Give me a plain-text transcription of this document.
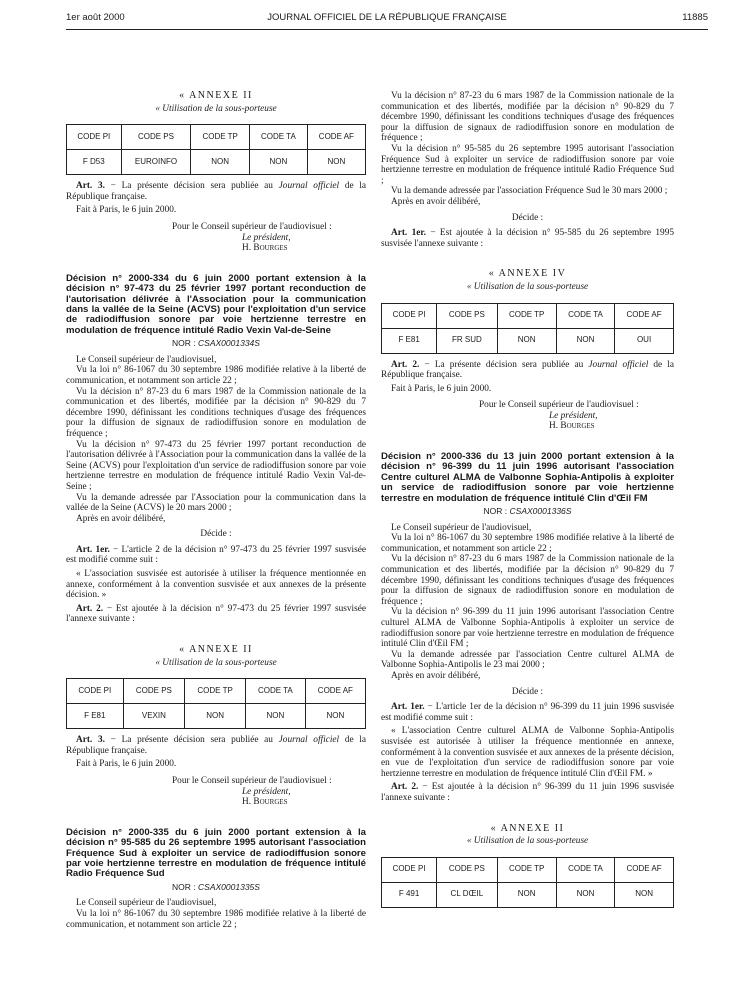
1er août 2000	JOURNAL OFFICIEL DE LA RÉPUBLIQUE FRANÇAISE	11885

« ANNEXE II

« Utilisation de la sous-porteuse

CODE PI	CODE PS	CODE TP	CODE TA	CODE AF
F D53	EUROINFO	NON	NON	NON

Art. 3. − La présente décision sera publiée au Journal officiel de la République française.

Fait à Paris, le 6 juin 2000.

Pour le Conseil supérieur de l'audiovisuel :
Le président,
H. Bourges

Décision n° 2000-334 du 6 juin 2000 portant extension à la décision n° 97-473 du 25 février 1997 portant reconduction de l'autorisation délivrée à l'Association pour la communication dans la vallée de la Seine (ACVS) pour l'exploitation d'un service de radiodiffusion sonore par voie hertzienne terrestre en modulation de fréquence intitulé Radio Vexin Val-de-Seine

NOR : CSAX0001334S

Le Conseil supérieur de l'audiovisuel,

Vu la loi n° 86-1067 du 30 septembre 1986 modifiée relative à la liberté de communication, et notamment son article 22 ;

Vu la décision n° 87-23 du 6 mars 1987 de la Commission nationale de la communication et des libertés, modifiée par la décision n° 90-829 du 7 décembre 1990, définissant les conditions techniques d'usage des fréquences pour la diffusion de signaux de radiodiffusion sonore en modulation de fréquence ;

Vu la décision n° 97-473 du 25 février 1997 portant reconduction de l'autorisation délivrée à l'Association pour la communication dans la vallée de la Seine (ACVS) pour l'exploitation d'un service de radiodiffusion sonore par voie hertzienne terrestre en modulation de fréquence intitulé Radio Vexin Val-de-Seine ;

Vu la demande adressée par l'Association pour la communication dans la vallée de la Seine (ACVS) le 20 mars 2000 ;

Après en avoir délibéré,

Décide :

Art. 1er. − L'article 2 de la décision n° 97-473 du 25 février 1997 susvisée est modifié comme suit :

« L'association susvisée est autorisée à utiliser la fréquence mentionnée en annexe, conformément à la convention susvisée et aux annexes de la présente décision. »

Art. 2. − Est ajoutée à la décision n° 97-473 du 25 février 1997 susvisée l'annexe suivante :

« ANNEXE II

« Utilisation de la sous-porteuse

CODE PI	CODE PS	CODE TP	CODE TA	CODE AF
F E81	VEXIN	NON	NON	NON

Art. 3. − La présente décision sera publiée au Journal officiel de la République française.

Fait à Paris, le 6 juin 2000.

Pour le Conseil supérieur de l'audiovisuel :
Le président,
H. Bourges

Décision n° 2000-335 du 6 juin 2000 portant extension à la décision n° 95-585 du 26 septembre 1995 autorisant l'association Fréquence Sud à exploiter un service de radiodiffusion sonore par voie hertzienne terrestre en modulation de fréquence intitulé Radio Fréquence Sud

NOR : CSAX0001335S

Le Conseil supérieur de l'audiovisuel,

Vu la loi n° 86-1067 du 30 septembre 1986 modifiée relative à la liberté de communication, et notamment son article 22 ;

Vu la décision n° 87-23 du 6 mars 1987 de la Commission nationale de la communication et des libertés, modifiée par la décision n° 90-829 du 7 décembre 1990, définissant les conditions techniques d'usage des fréquences pour la diffusion de signaux de radiodiffusion sonore en modulation de fréquence ;

Vu la décision n° 95-585 du 26 septembre 1995 autorisant l'association Fréquence Sud à exploiter un service de radiodiffusion sonore par voie hertzienne terrestre en modulation de fréquence intitulé Radio Fréquence Sud ;

Vu la demande adressée par l'association Fréquence Sud le 30 mars 2000 ;

Après en avoir délibéré,

Décide :

Art. 1er. − Est ajoutée à la décision n° 95-585 du 26 septembre 1995 susvisée l'annexe suivante :

« ANNEXE IV

« Utilisation de la sous-porteuse

CODE PI	CODE PS	CODE TP	CODE TA	CODE AF
F E81	FR SUD	NON	NON	OUI

Art. 2. − La présente décision sera publiée au Journal officiel de la République française.

Fait à Paris, le 6 juin 2000.

Pour le Conseil supérieur de l'audiovisuel :
Le président,
H. Bourges

Décision n° 2000-336 du 13 juin 2000 portant extension à la décision n° 96-399 du 11 juin 1996 autorisant l'association Centre culturel ALMA de Valbonne Sophia-Antipolis à exploiter un service de radiodiffusion sonore par voie hertzienne terrestre en modulation de fréquence intitulé Clin d'Œil FM

NOR : CSAX0001336S

Le Conseil supérieur de l'audiovisuel,

Vu la loi n° 86-1067 du 30 septembre 1986 modifiée relative à la liberté de communication, et notamment son article 22 ;

Vu la décision n° 87-23 du 6 mars 1987 de la Commission nationale de la communication et des libertés, modifiée par la décision n° 90-829 du 7 décembre 1990, définissant les conditions techniques d'usage des fréquences pour la diffusion de signaux de radiodiffusion sonore en modulation de fréquence ;

Vu la décision n° 96-399 du 11 juin 1996 autorisant l'association Centre culturel ALMA de Valbonne Sophia-Antipolis à exploiter un service de radiodiffusion sonore par voie hertzienne terrestre en modulation de fréquence intitulé Clin d'Œil FM ;

Vu la demande adressée par l'association Centre culturel ALMA de Valbonne Sophia-Antipolis le 23 mai 2000 ;

Après en avoir délibéré,

Décide :

Art. 1er. − L'article 1er de la décision n° 96-399 du 11 juin 1996 susvisée est modifié comme suit :

« L'association Centre culturel ALMA de Valbonne Sophia-Antipolis susvisée est autorisée à utiliser la fréquence mentionnée en annexe, conformément à la convention susvisée et aux annexes de la présente décision, en vue de l'exploitation d'un service de radiodiffusion sonore par voie hertzienne terrestre en modulation de fréquence intitulé Clin d'Œil FM. »

Art. 2. − Est ajoutée à la décision n° 96-399 du 11 juin 1996 susvisée l'annexe suivante :

« ANNEXE II

« Utilisation de la sous-porteuse

CODE PI	CODE PS	CODE TP	CODE TA	CODE AF
F 491	CL DŒIL	NON	NON	NON
